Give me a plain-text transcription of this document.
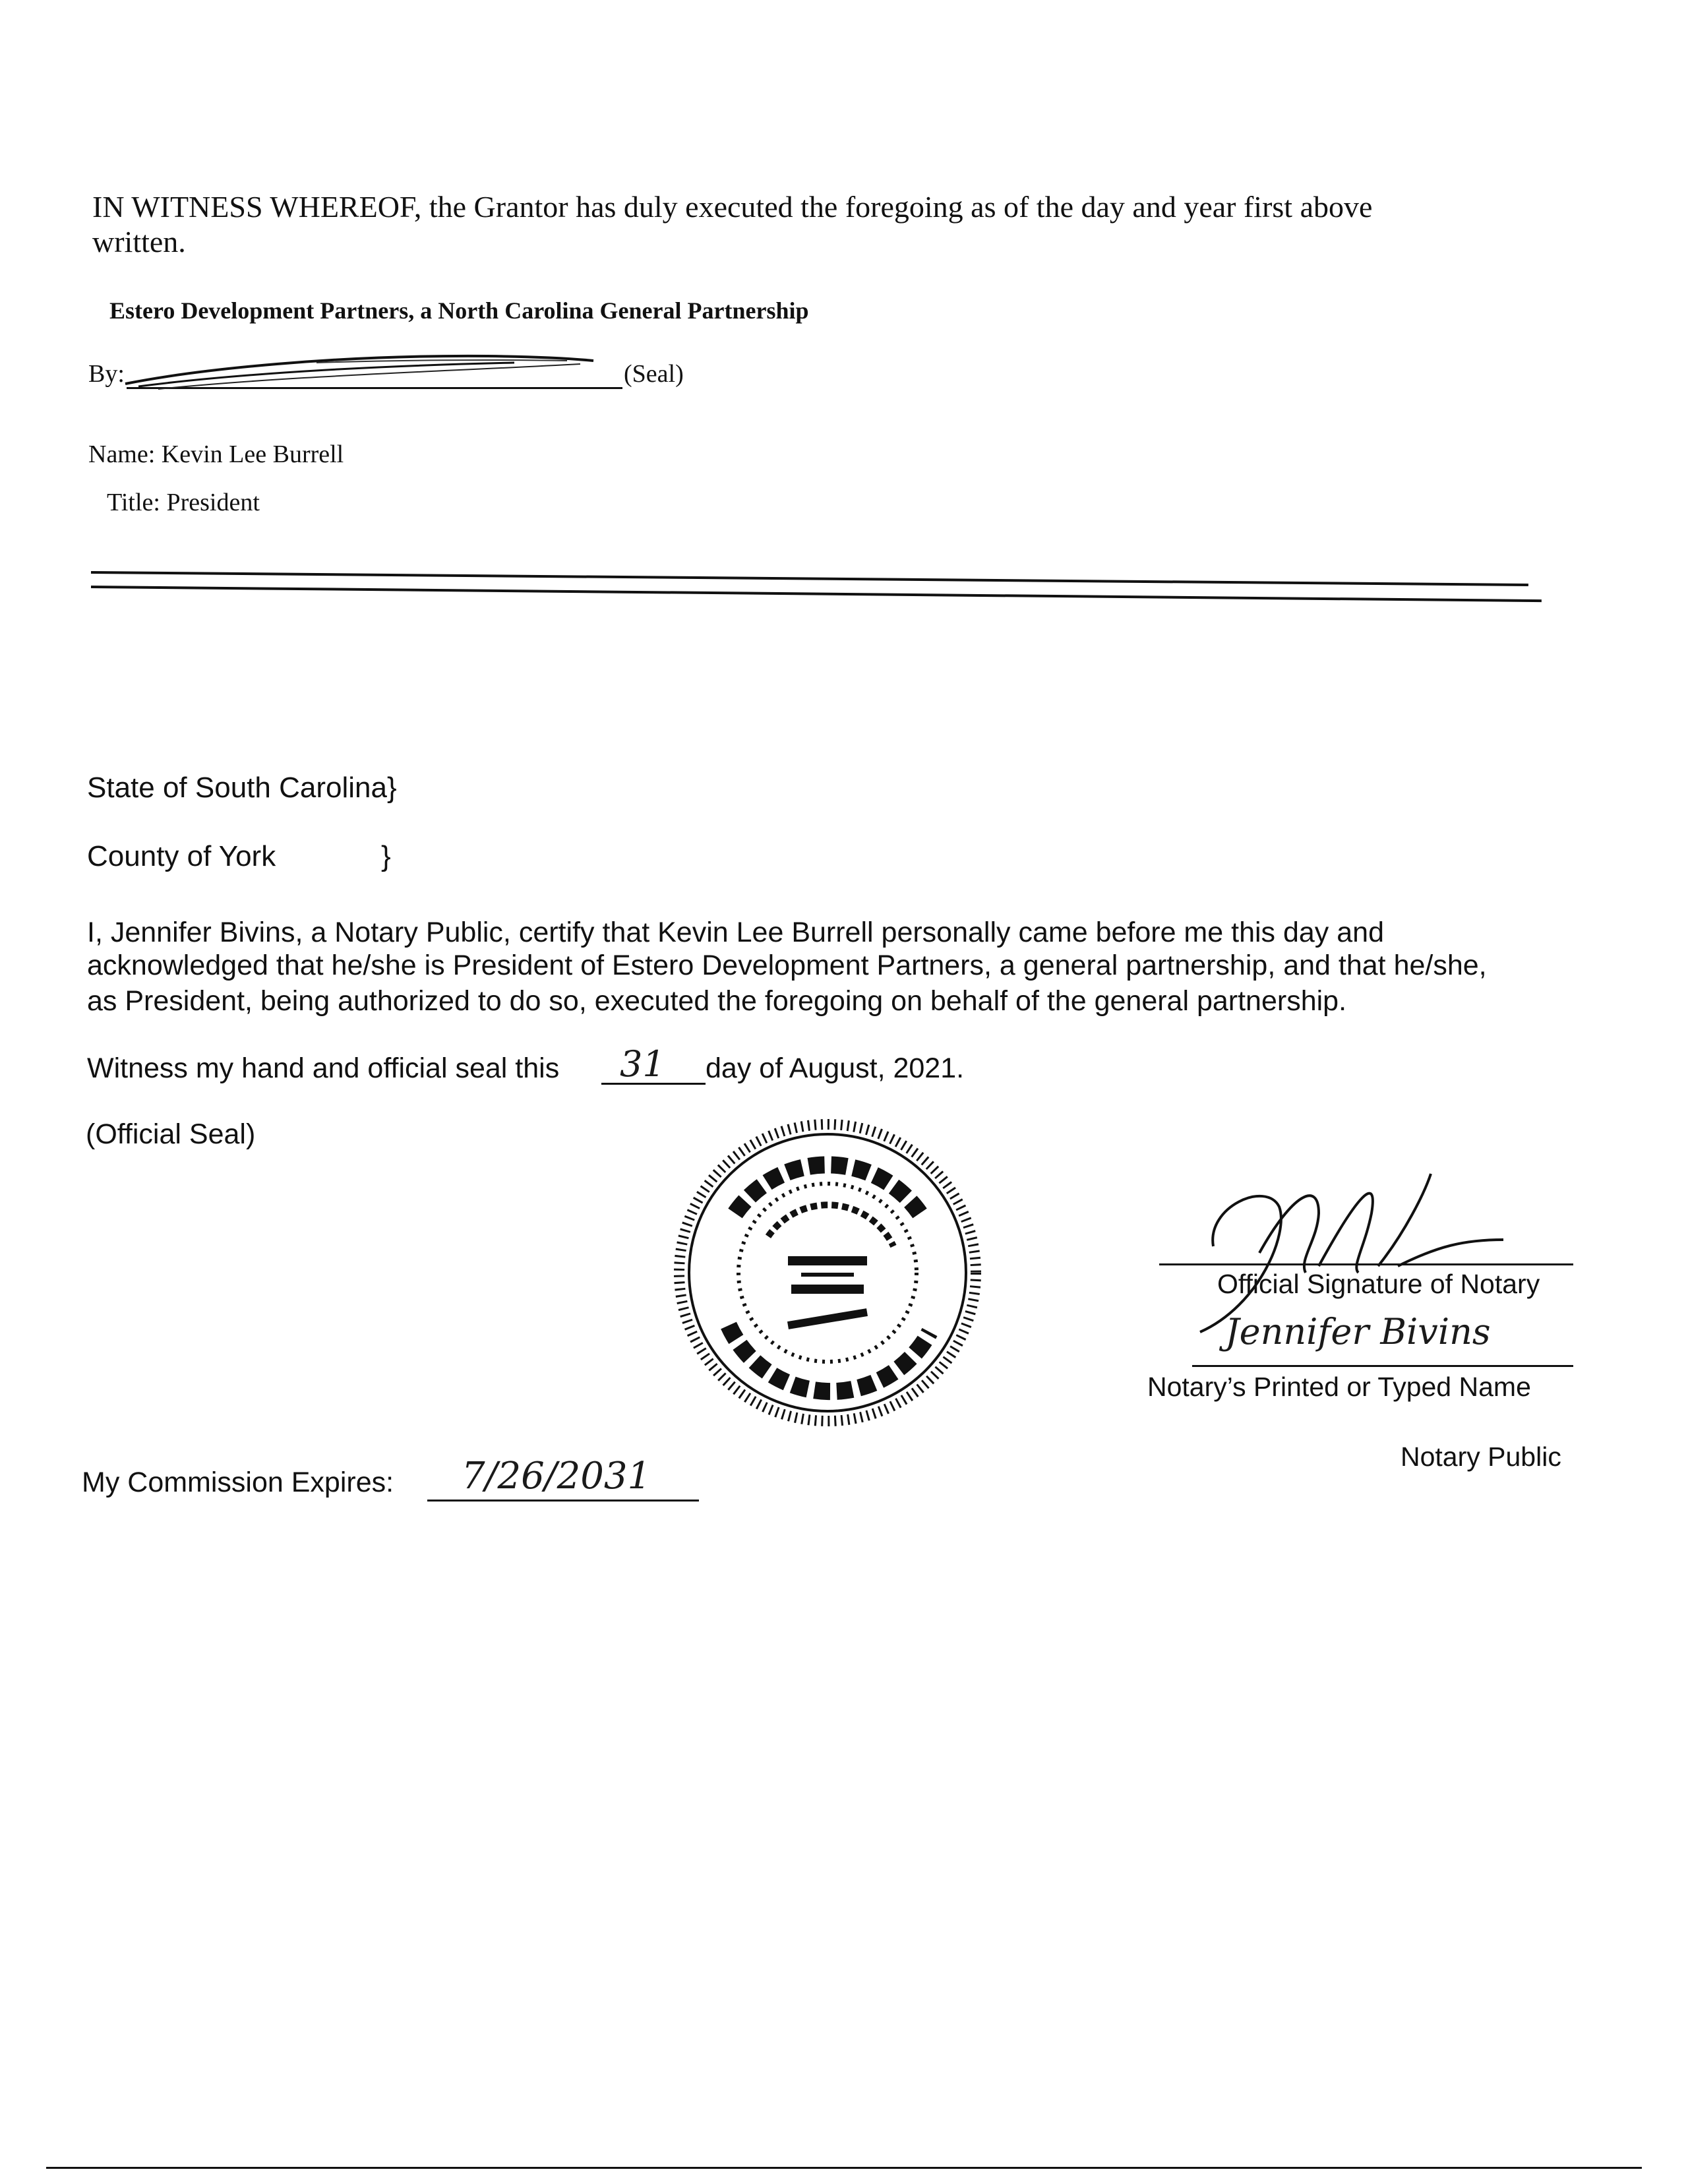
IN WITNESS WHEREOF, the Grantor has duly executed the foregoing as of the day and year first above
written.
Estero Development Partners, a North Carolina General Partnership
By:	(Seal)
Name: Kevin Lee Burrell
Title: President
State of South Carolina}
County of York	}
I, Jennifer Bivins, a Notary Public, certify that Kevin Lee Burrell personally came before me this day and
acknowledged that he/she is President of Estero Development Partners, a general partnership, and that he/she,
as President, being authorized to do so, executed the foregoing on behalf of the general partnership.
Witness my hand and official seal this 31 day of August, 2021.
(Official Seal)
Official Signature of Notary
Jennifer Bivins
Notary’s Printed or Typed Name
Notary Public
My Commission Expires: 7/26/2031
